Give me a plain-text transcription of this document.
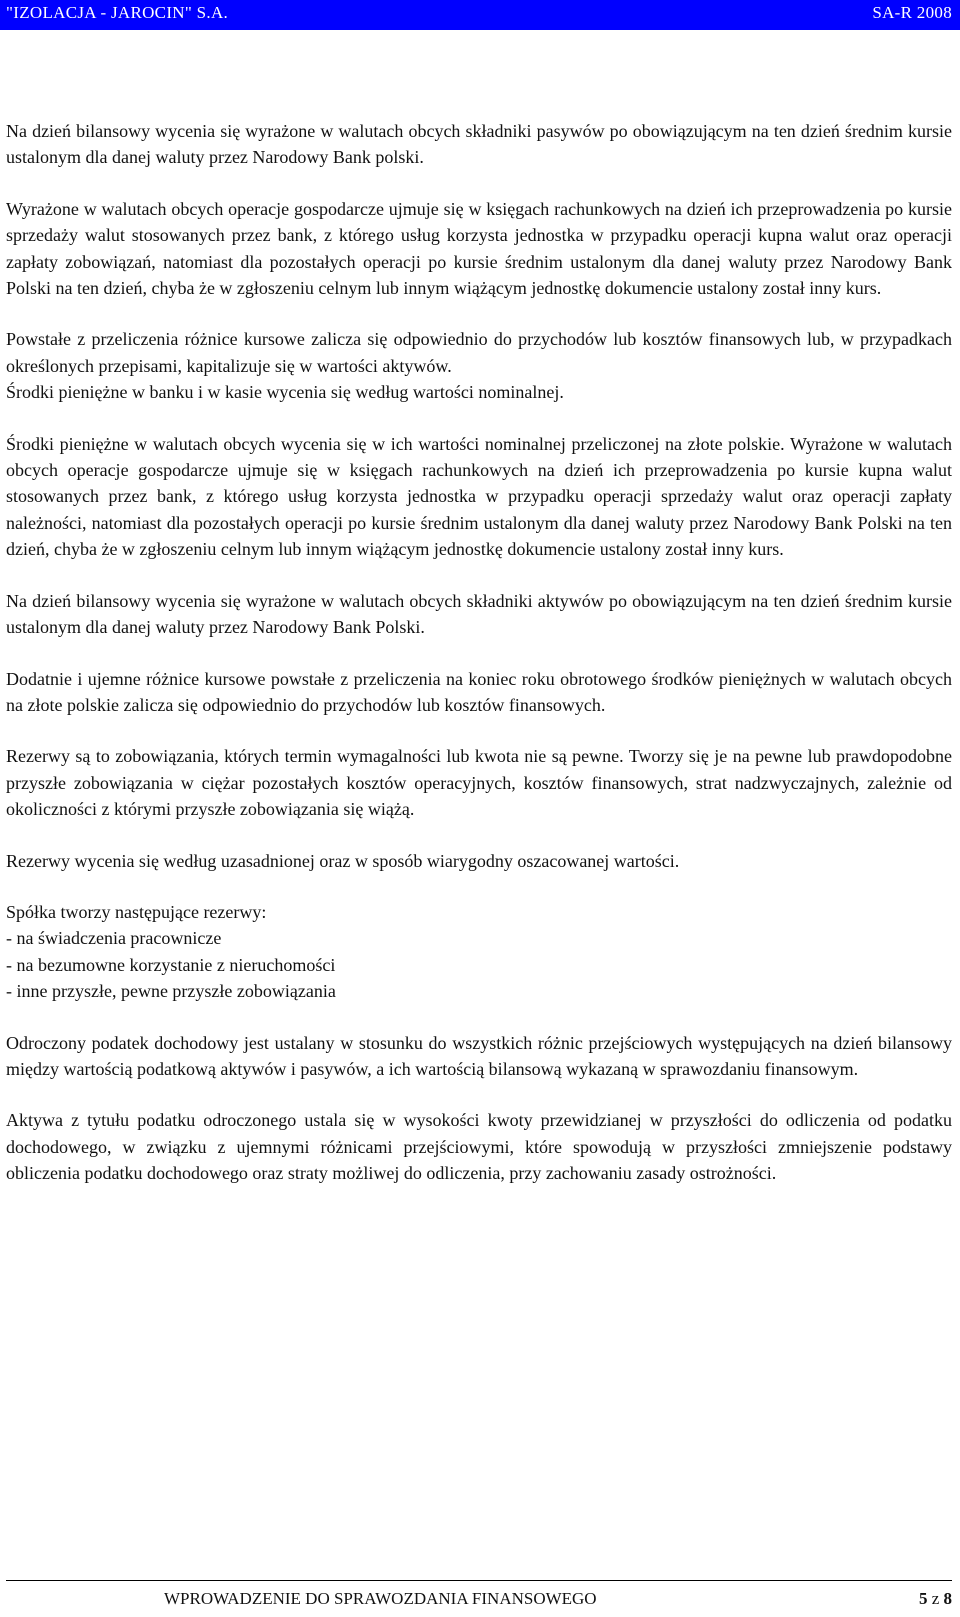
"IZOLACJA - JAROCIN" S.A.	SA-R 2008

Na dzień bilansowy wycenia się wyrażone w walutach obcych składniki pasywów po obowiązującym na ten dzień średnim kursie ustalonym dla danej waluty przez Narodowy Bank polski.

Wyrażone w walutach obcych operacje gospodarcze ujmuje się w księgach rachunkowych na dzień ich przeprowadzenia po kursie sprzedaży walut stosowanych przez bank, z którego usług korzysta jednostka w przypadku operacji kupna walut oraz operacji zapłaty zobowiązań, natomiast dla pozostałych operacji po kursie średnim ustalonym dla danej waluty przez Narodowy Bank Polski na ten dzień, chyba że w zgłoszeniu celnym lub innym wiążącym jednostkę dokumencie ustalony został inny kurs.

Powstałe z przeliczenia różnice kursowe zalicza się odpowiednio do przychodów lub kosztów finansowych lub, w przypadkach określonych przepisami, kapitalizuje się w wartości aktywów.

Środki pieniężne w banku i w kasie wycenia się według wartości nominalnej.

Środki pieniężne w walutach obcych wycenia się w ich wartości nominalnej przeliczonej na złote polskie. Wyrażone w walutach obcych operacje gospodarcze ujmuje się w księgach rachunkowych na dzień ich przeprowadzenia po kursie kupna walut stosowanych przez bank, z którego usług korzysta jednostka w przypadku operacji sprzedaży walut oraz operacji zapłaty należności, natomiast dla pozostałych operacji po kursie średnim ustalonym dla danej waluty przez Narodowy Bank Polski na ten dzień, chyba że w zgłoszeniu celnym lub innym wiążącym jednostkę dokumencie ustalony został inny kurs.

Na dzień bilansowy wycenia się wyrażone w walutach obcych składniki aktywów po obowiązującym na ten dzień średnim kursie ustalonym dla danej waluty przez Narodowy Bank Polski.

Dodatnie i ujemne różnice kursowe powstałe z przeliczenia na koniec roku obrotowego środków pieniężnych w walutach obcych na złote polskie zalicza się odpowiednio do przychodów lub kosztów finansowych.

Rezerwy są to zobowiązania, których termin wymagalności lub kwota nie są pewne. Tworzy się je na pewne lub prawdopodobne przyszłe zobowiązania w ciężar pozostałych kosztów operacyjnych, kosztów finansowych, strat nadzwyczajnych, zależnie od okoliczności z którymi przyszłe zobowiązania się wiążą.

Rezerwy wycenia się według uzasadnionej oraz w sposób wiarygodny oszacowanej wartości.

Spółka tworzy następujące rezerwy:
- na świadczenia pracownicze
- na bezumowne korzystanie z nieruchomości
- inne przyszłe, pewne przyszłe zobowiązania

Odroczony podatek dochodowy jest ustalany w stosunku do wszystkich różnic przejściowych występujących na dzień bilansowy między wartością podatkową aktywów i pasywów, a ich wartością bilansową wykazaną w sprawozdaniu finansowym.

Aktywa z tytułu podatku odroczonego ustala się w wysokości kwoty przewidzianej w przyszłości do odliczenia od podatku dochodowego, w związku z ujemnymi różnicami przejściowymi, które spowodują w przyszłości zmniejszenie podstawy obliczenia podatku dochodowego oraz straty możliwej do odliczenia, przy zachowaniu zasady ostrożności.

WPROWADZENIE DO SPRAWOZDANIA FINANSOWEGO	5 z 8
